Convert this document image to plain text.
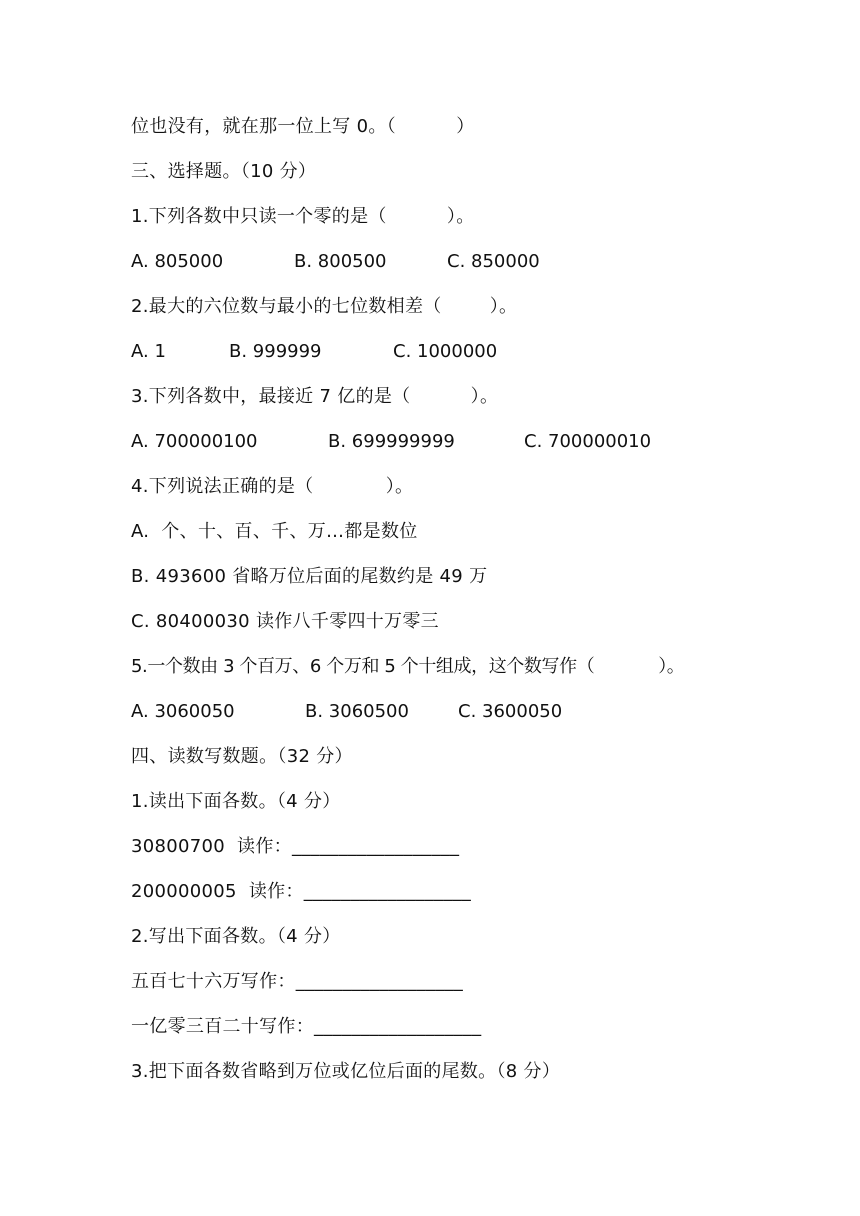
位也没有，就在那一位上写 0。（          ）
三、选择题。（10 分）
1.下列各数中只读一个零的是（          ）。

A. 805000

	B. 800500

	C. 850000

2.最大的六位数与最小的七位数相差（        ）。

A. 1

	B. 999999

	C. 1000000

3.下列各数中，最接近 7 亿的是（          ）。

A. 700000100

	B. 699999999

	C. 700000010

4.下列说法正确的是（            ）。
A.  个、十、百、千、万…都是数位
B. 493600 省略万位后面的尾数约是 49 万
C. 80400030 读作八千零四十万零三
5.一个数由 3 个百万、6 个万和 5 个十组成，这个数写作（            ）。

A. 3060050

	B. 3060500

	C. 3600050

四、读数写数题。（32 分）
1.读出下面各数。（4 分）
30800700  读作：__________________
200000005  读作：__________________
2.写出下面各数。（4 分）
五百七十六万写作：__________________
一亿零三百二十写作：__________________
3.把下面各数省略到万位或亿位后面的尾数。（8 分）
